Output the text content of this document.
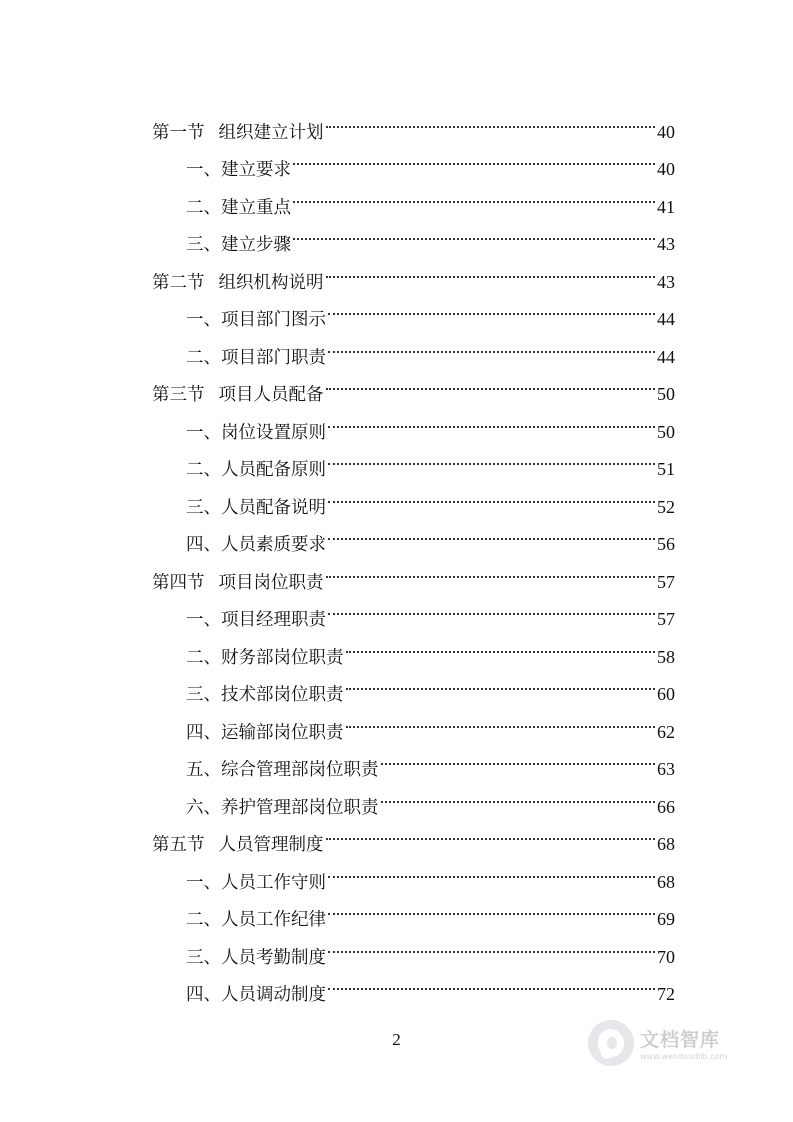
第一节 组织建立计划	40
一、建立要求	40
二、建立重点	41
三、建立步骤	43
第二节 组织机构说明	43
一、项目部门图示	44
二、项目部门职责	44
第三节 项目人员配备	50
一、岗位设置原则	50
二、人员配备原则	51
三、人员配备说明	52
四、人员素质要求	56
第四节 项目岗位职责	57
一、项目经理职责	57
二、财务部岗位职责	58
三、技术部岗位职责	60
四、运输部岗位职责	62
五、综合管理部岗位职责	63
六、养护管理部岗位职责	66
第五节 人员管理制度	68
一、人员工作守则	68
二、人员工作纪律	69
三、人员考勤制度	70
四、人员调动制度	72
2	文档智库
www.wendoudiib.com
